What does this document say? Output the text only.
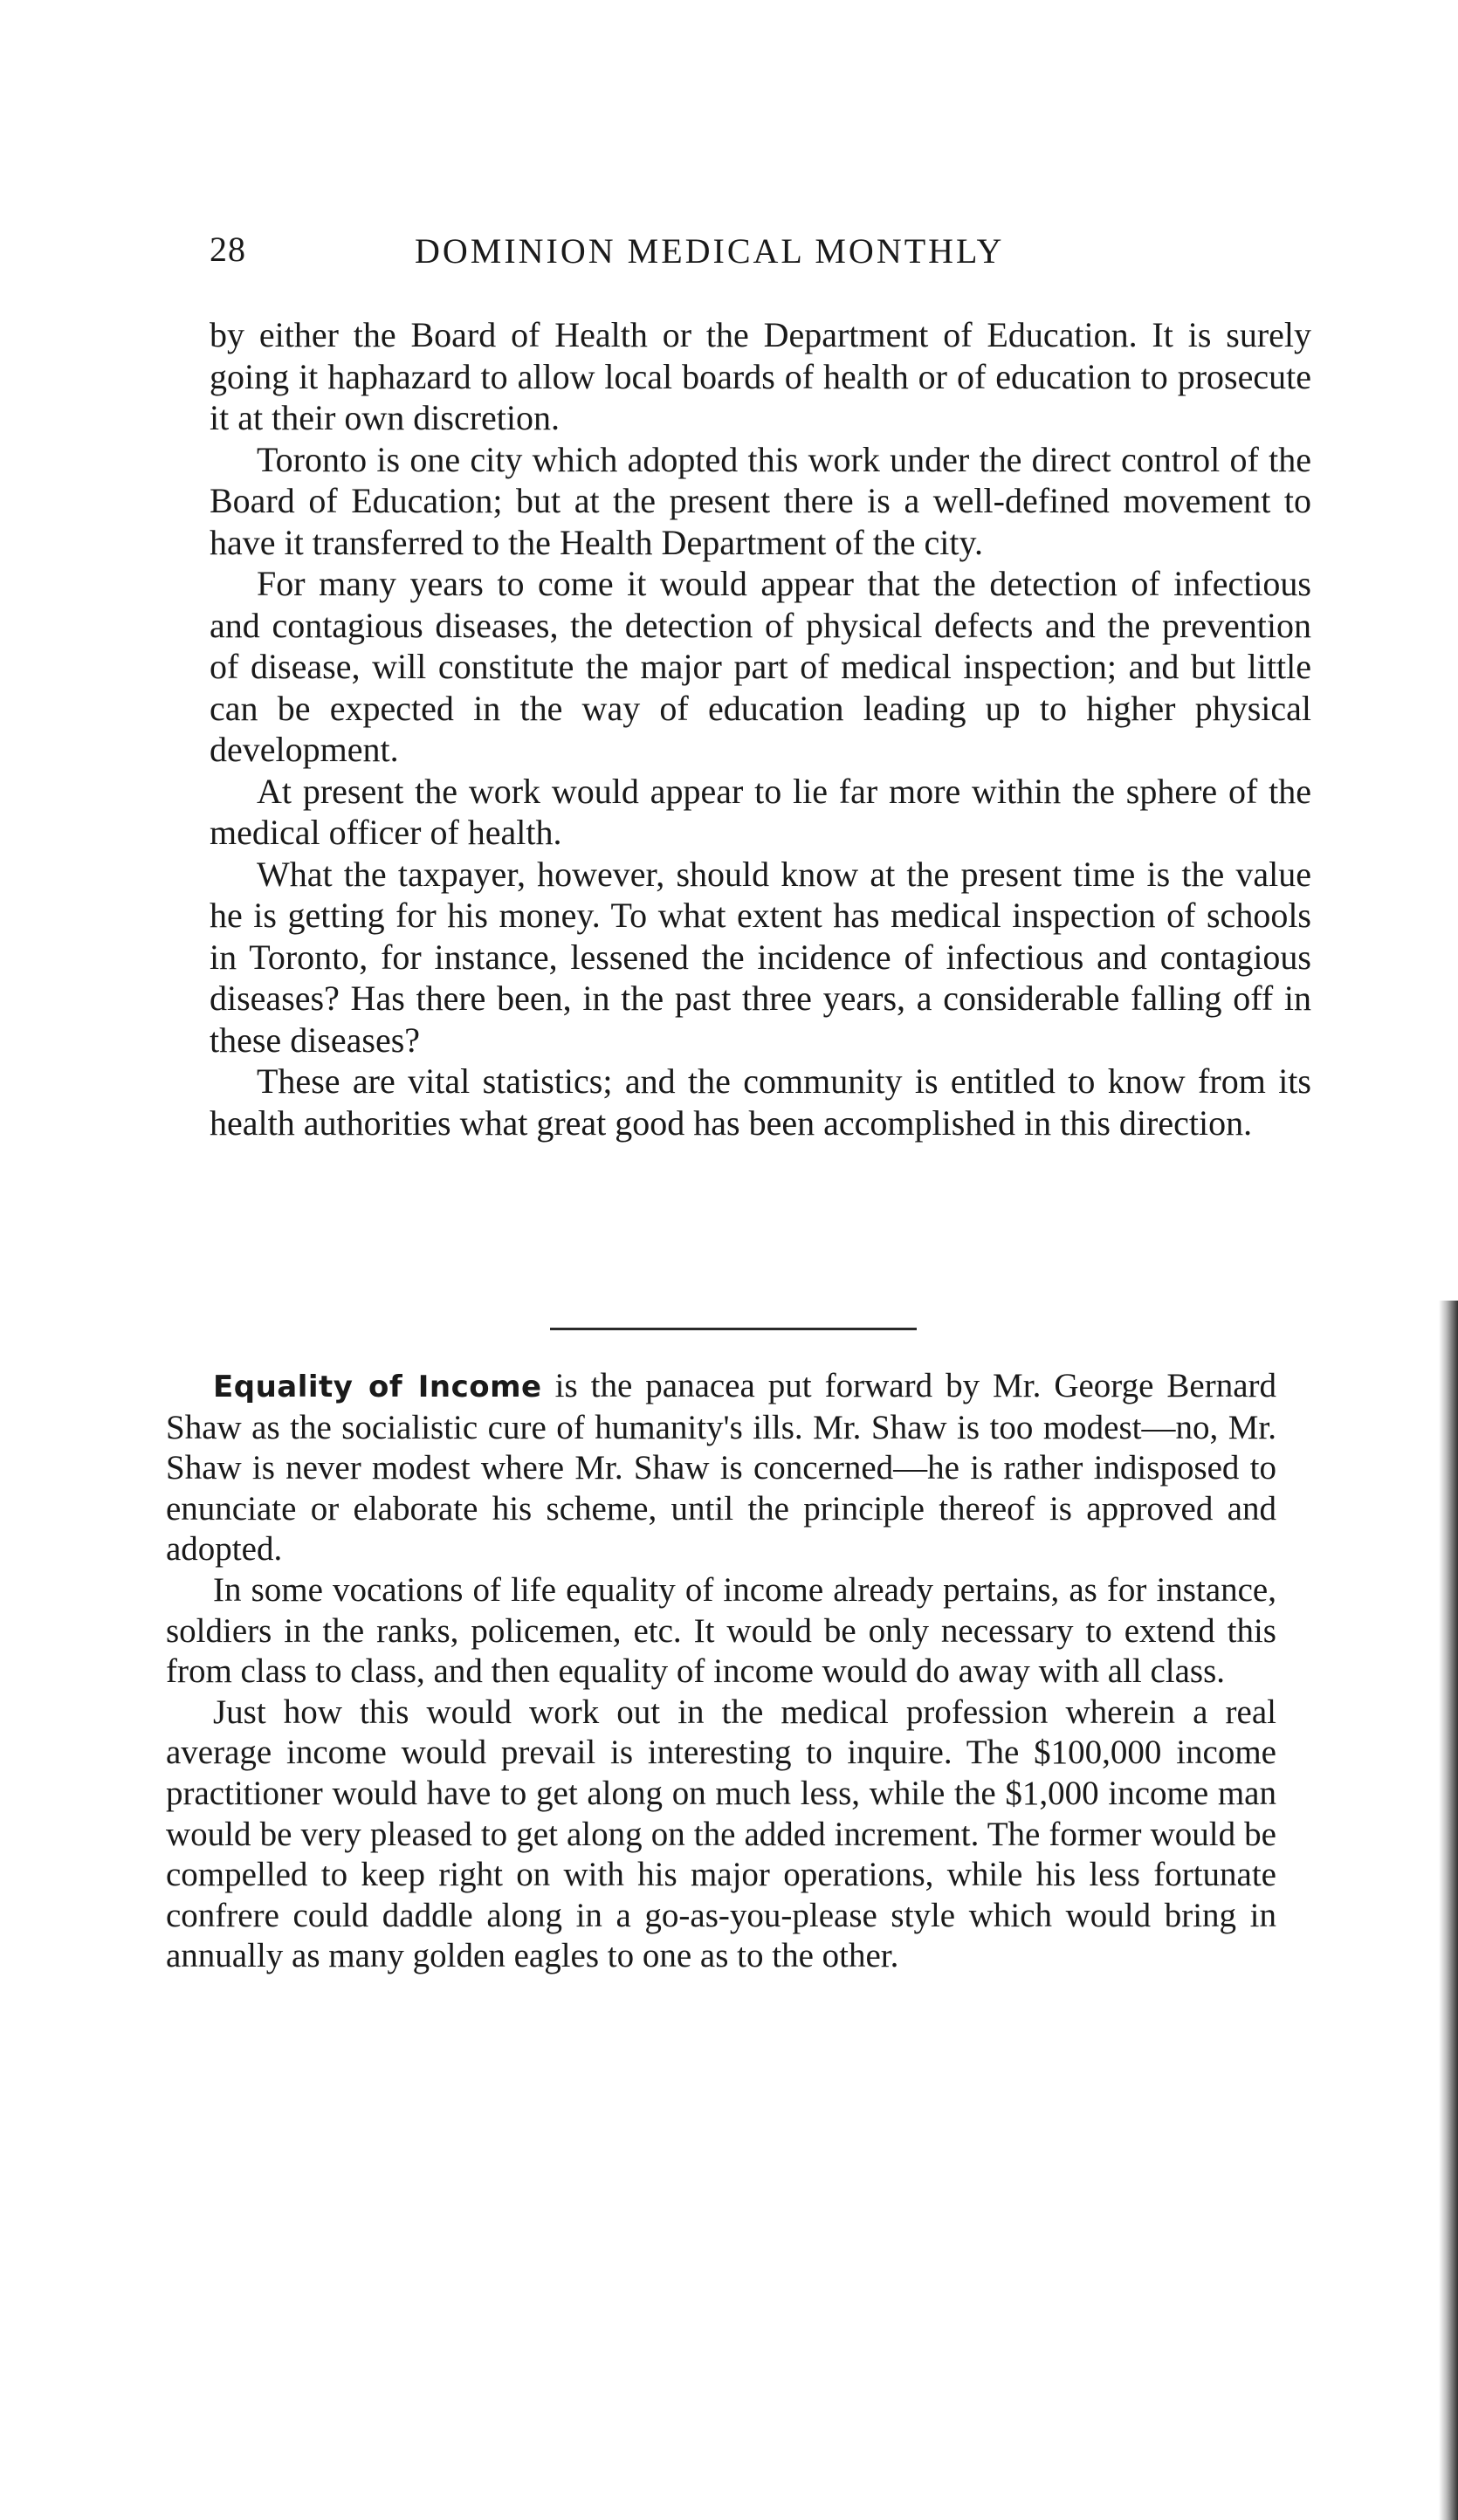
28	DOMINION MEDICAL MONTHLY

by either the Board of Health or the Department of Education. It is surely going it haphazard to allow local boards of health or of education to prosecute it at their own discretion.

Toronto is one city which adopted this work under the direct control of the Board of Education; but at the present there is a well-defined movement to have it transferred to the Health Department of the city.

For many years to come it would appear that the detection of infectious and contagious diseases, the detection of physical defects and the prevention of disease, will constitute the major part of medical inspection; and but little can be expected in the way of education leading up to higher physical development.

At present the work would appear to lie far more within the sphere of the medical officer of health.

What the taxpayer, however, should know at the present time is the value he is getting for his money. To what extent has medical inspection of schools in Toronto, for instance, lessened the incidence of infectious and contagious diseases? Has there been, in the past three years, a considerable falling off in these diseases?

These are vital statistics; and the community is entitled to know from its health authorities what great good has been accomplished in this direction.

Equality of Income is the panacea put forward by Mr. George Bernard Shaw as the socialistic cure of humanity's ills. Mr. Shaw is too modest—no, Mr. Shaw is never modest where Mr. Shaw is concerned—he is rather indisposed to enunciate or elaborate his scheme, until the principle thereof is approved and adopted.

In some vocations of life equality of income already pertains, as for instance, soldiers in the ranks, policemen, etc. It would be only necessary to extend this from class to class, and then equality of income would do away with all class.

Just how this would work out in the medical profession wherein a real average income would prevail is interesting to inquire. The $100,000 income practitioner would have to get along on much less, while the $1,000 income man would be very pleased to get along on the added increment. The former would be compelled to keep right on with his major operations, while his less fortunate confrere could daddle along in a go-as-you-please style which would bring in annually as many golden eagles to one as to the other.
